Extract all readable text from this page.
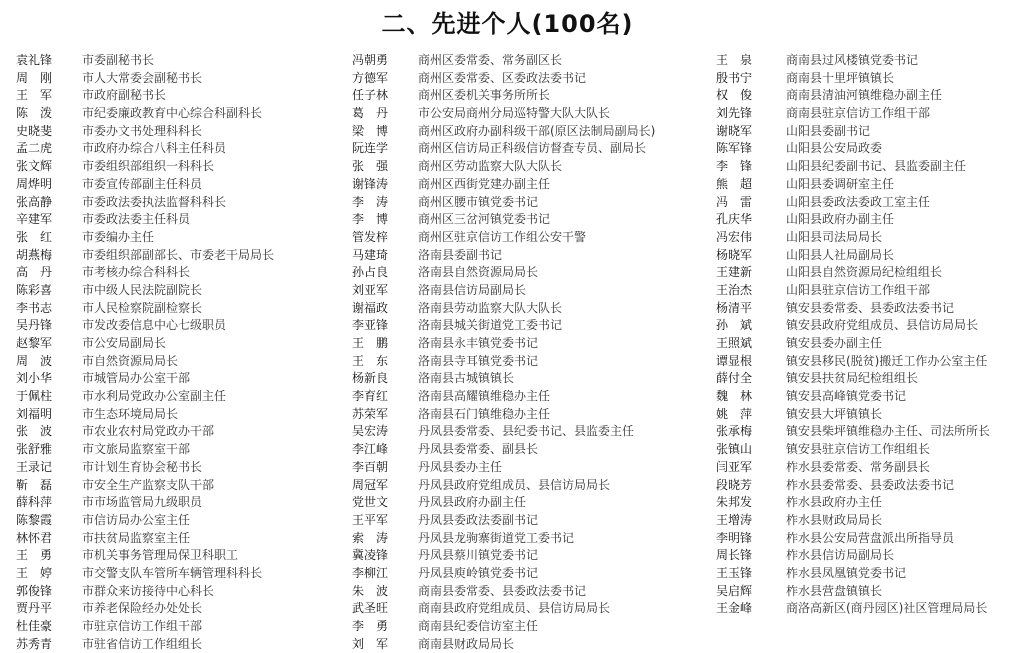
二、先进个人(100名)
袁礼锋	市委副秘书长
周　刚	市人大常委会副秘书长
王　军	市政府副秘书长
陈　泼	市纪委廉政教育中心综合科副科长
史晓斐	市委办文书处理科科长
孟二虎	市政府办综合八科主任科员
张文辉	市委组织部组织一科科长
周烨明	市委宣传部副主任科员
张高静	市委政法委执法监督科科长
辛建军	市委政法委主任科员
张　红	市委编办主任
胡燕梅	市委组织部副部长、市委老干局局长
高　丹	市考核办综合科科长
陈彩喜	市中级人民法院副院长
李书志	市人民检察院副检察长
吴丹锋	市发改委信息中心七级职员
赵黎军	市公安局副局长
周　波	市自然资源局局长
刘小华	市城管局办公室干部
于佩柱	市水利局党政办公室副主任
刘福明	市生态环境局局长
张　波	市农业农村局党政办干部
张舒雅	市文旅局监察室干部
王录记	市计划生育协会秘书长
靳　磊	市安全生产监察支队干部
薛科萍	市市场监管局九级职员
陈黎霞	市信访局办公室主任
林怀君	市扶贫局监察室主任
王　勇	市机关事务管理局保卫科职工
王　婷	市交警支队车管所车辆管理科科长
郭俊锋	市群众来访接待中心科长
贾丹平	市养老保险经办处处长
杜佳豪	市驻京信访工作组干部
苏秀青	市驻省信访工作组组长
冯朝勇	商州区委常委、常务副区长
方德军	商州区委常委、区委政法委书记
任子林	商州区委机关事务所所长
葛　丹	市公安局商州分局巡特警大队大队长
梁　博	商州区政府办副科级干部(原区法制局副局长)
阮连学	商州区信访局正科级信访督查专员、副局长
张　强	商州区劳动监察大队大队长
谢锋涛	商州区西街党建办副主任
李　涛	商州区腰市镇党委书记
李　博	商州区三岔河镇党委书记
管发梓	商州区驻京信访工作组公安干警
马建琦	洛南县委副书记
孙占良	洛南县自然资源局局长
刘亚军	洛南县信访局副局长
谢福政	洛南县劳动监察大队大队长
李亚锋	洛南县城关街道党工委书记
王　鹏	洛南县永丰镇党委书记
王　东	洛南县寺耳镇党委书记
杨新良	洛南县古城镇镇长
李育红	洛南县高耀镇维稳办主任
苏荣军	洛南县石门镇维稳办主任
吴宏涛	丹凤县委常委、县纪委书记、县监委主任
李江峰	丹凤县委常委、副县长
李百朝	丹凤县委办主任
周冠军	丹凤县政府党组成员、县信访局局长
党世文	丹凤县政府办副主任
王平军	丹凤县委政法委副书记
索　涛	丹凤县龙驹寨街道党工委书记
冀凌锋	丹凤县蔡川镇党委书记
李柳江	丹凤县庾岭镇党委书记
朱　波	商南县委常委、县委政法委书记
武圣旺	商南县政府党组成员、县信访局局长
李　勇	商南县纪委信访室主任
刘　军	商南县财政局局长
王　泉	商南县过风楼镇党委书记
殷书宁	商南县十里坪镇镇长
权　俊	商南县清油河镇维稳办副主任
刘先锋	商南县驻京信访工作组干部
谢晓军	山阳县委副书记
陈军锋	山阳县公安局政委
李　锋	山阳县纪委副书记、县监委副主任
熊　超	山阳县委调研室主任
冯　雷	山阳县委政法委政工室主任
孔庆华	山阳县政府办副主任
冯宏伟	山阳县司法局局长
杨晓军	山阳县人社局副局长
王建新	山阳县自然资源局纪检组组长
王治杰	山阳县驻京信访工作组干部
杨清平	镇安县委常委、县委政法委书记
孙　斌	镇安县政府党组成员、县信访局局长
王照斌	镇安县委办副主任
谭显根	镇安县移民(脱贫)搬迁工作办公室主任
薛付全	镇安县扶贫局纪检组组长
魏　林	镇安县高峰镇党委书记
姚　萍	镇安县大坪镇镇长
张承梅	镇安县柴坪镇维稳办主任、司法所所长
张镇山	镇安县驻京信访工作组组长
闫亚军	柞水县委常委、常务副县长
段晓芳	柞水县委常委、县委政法委书记
朱邦发	柞水县政府办主任
王增涛	柞水县财政局局长
李明锋	柞水县公安局营盘派出所指导员
周长锋	柞水县信访局副局长
王玉锋	柞水县凤凰镇党委书记
吴启辉	柞水县营盘镇镇长
王金峰	商洛高新区(商丹园区)社区管理局局长
